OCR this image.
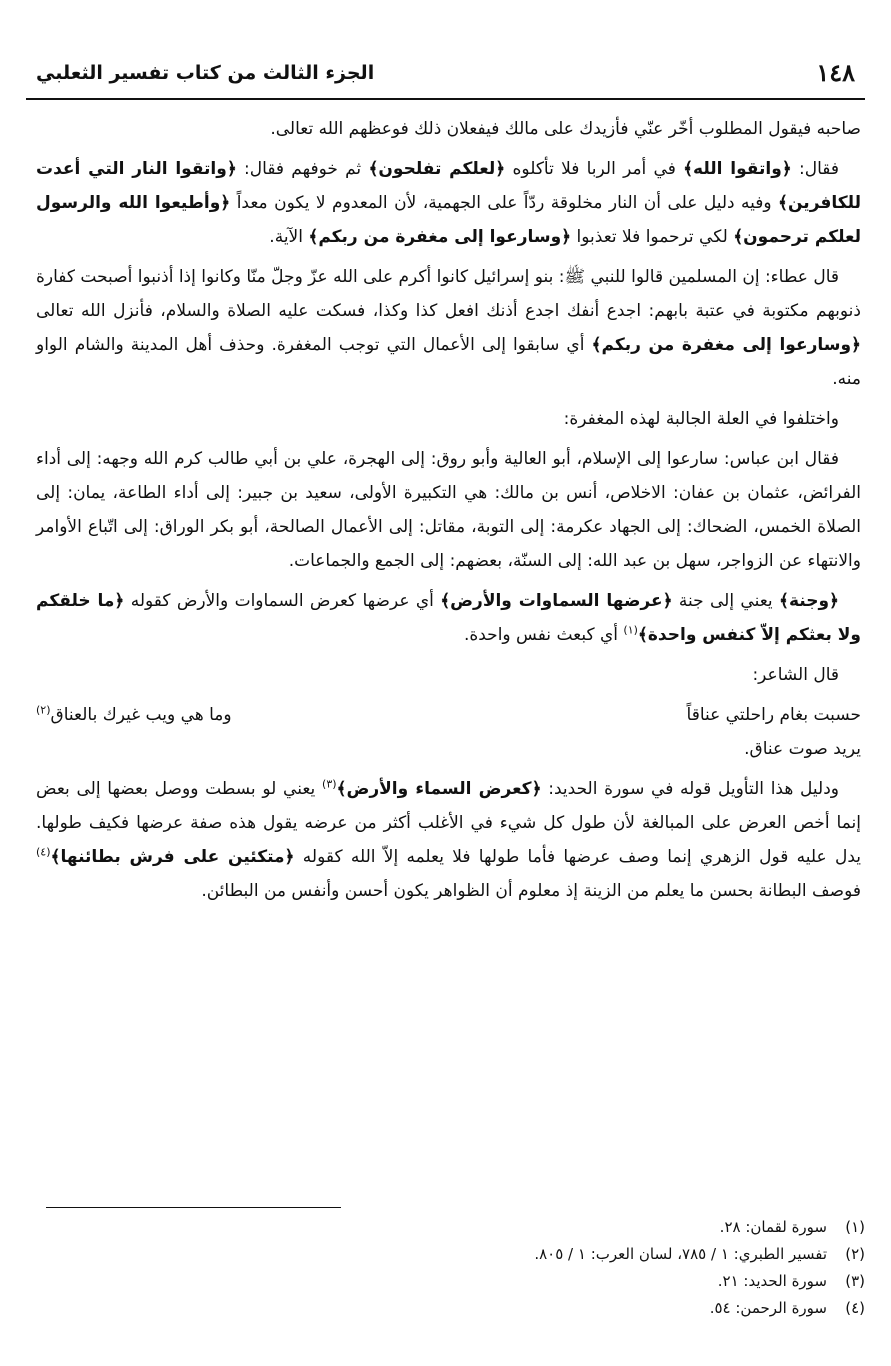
١٤٨
الجزء الثالث من كتاب تفسير الثعلبي

صاحبه فيقول المطلوب أخّر عنّي فأزيدك على مالك فيفعلان ذلك فوعظهم الله تعالى.

فقال: ﴿واتقوا الله﴾ في أمر الربا فلا تأكلوه ﴿لعلكم تفلحون﴾ ثم خوفهم فقال: ﴿واتقوا النار التي أعدت للكافرين﴾ وفيه دليل على أن النار مخلوقة ردّاً على الجهمية، لأن المعدوم لا يكون معداً ﴿وأطيعوا الله والرسول لعلكم ترحمون﴾ لكي ترحموا فلا تعذبوا ﴿وسارعوا إلى مغفرة من ربكم﴾ الآية.

قال عطاء: إن المسلمين قالوا للنبي ﷺ: بنو إسرائيل كانوا أكرم على الله عزّ وجلّ منّا وكانوا إذا أذنبوا أصبحت كفارة ذنوبهم مكتوبة في عتبة بابهم: اجدع أنفك اجدع أذنك افعل كذا وكذا، فسكت عليه الصلاة والسلام، فأنزل الله تعالى ﴿وسارعوا إلى مغفرة من ربكم﴾ أي سابقوا إلى الأعمال التي توجب المغفرة. وحذف أهل المدينة والشام الواو منه.

واختلفوا في العلة الجالبة لهذه المغفرة:

فقال ابن عباس: سارعوا إلى الإسلام، أبو العالية وأبو روق: إلى الهجرة، علي بن أبي طالب كرم الله وجهه: إلى أداء الفرائض، عثمان بن عفان: الاخلاص، أنس بن مالك: هي التكبيرة الأولى، سعيد بن جبير: إلى أداء الطاعة، يمان: إلى الصلاة الخمس، الضحاك: إلى الجهاد عكرمة: إلى التوبة، مقاتل: إلى الأعمال الصالحة، أبو بكر الوراق: إلى اتّباع الأوامر والانتهاء عن الزواجر، سهل بن عبد الله: إلى السنّة، بعضهم: إلى الجمع والجماعات.

﴿وجنة﴾ يعني إلى جنة ﴿عرضها السماوات والأرض﴾ أي عرضها كعرض السماوات والأرض كقوله ﴿ما خلقكم ولا بعثكم إلاّ كنفس واحدة﴾$^{(١)}$ أي كبعث نفس واحدة.

قال الشاعر:

حسبت بغام راحلتي عناقاً
وما هي ويب غيرك بالعناق$^{(٢)}$

يريد صوت عناق.

ودليل هذا التأويل قوله في سورة الحديد: ﴿كعرض السماء والأرض﴾$^{(٣)}$ يعني لو بسطت ووصل بعضها إلى بعض إنما أخص العرض على المبالغة لأن طول كل شيء في الأغلب أكثر من عرضه يقول هذه صفة عرضها فكيف طولها. يدل عليه قول الزهري إنما وصف عرضها فأما طولها فلا يعلمه إلاّ الله كقوله ﴿متكئين على فرش بطائنها﴾$^{(٤)}$ فوصف البطانة بحسن ما يعلم من الزينة إذ معلوم أن الظواهر يكون أحسن وأنفس من البطائن.

(١)
سورة لقمان: ٢٨.
(٢)
تفسير الطبري: ١ / ٧٨٥، لسان العرب: ١ / ٨٠٥.
(٣)
سورة الحديد: ٢١.
(٤)
سورة الرحمن: ٥٤.
